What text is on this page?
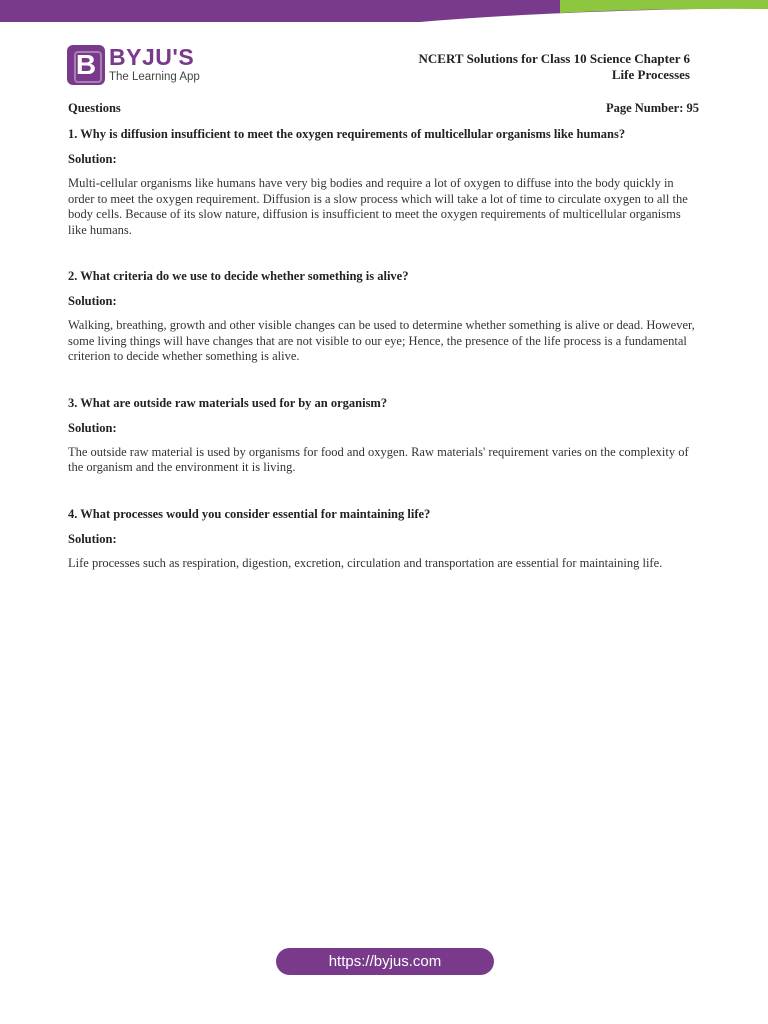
B BYJU'S
The Learning App
NCERT Solutions for Class 10 Science Chapter 6
Life Processes
Questions	Page Number: 95

1. Why is diffusion insufficient to meet the oxygen requirements of multicellular organisms like humans?

Solution:

Multi-cellular organisms like humans have very big bodies and require a lot of oxygen to diffuse into the body quickly in order to meet the oxygen requirement. Diffusion is a slow process which will take a lot of time to circulate oxygen to all the body cells. Because of its slow nature, diffusion is insufficient to meet the oxygen requirements of multicellular organisms like humans.

2. What criteria do we use to decide whether something is alive?

Solution:

Walking, breathing, growth and other visible changes can be used to determine whether something is alive or dead. However, some living things will have changes that are not visible to our eye; Hence, the presence of the life process is a fundamental criterion to decide whether something is alive.

3. What are outside raw materials used for by an organism?

Solution:

The outside raw material is used by organisms for food and oxygen. Raw materials' requirement varies on the complexity of the organism and the environment it is living.

4. What processes would you consider essential for maintaining life?

Solution:

Life processes such as respiration, digestion, excretion, circulation and transportation are essential for maintaining life.

https://byjus.com
